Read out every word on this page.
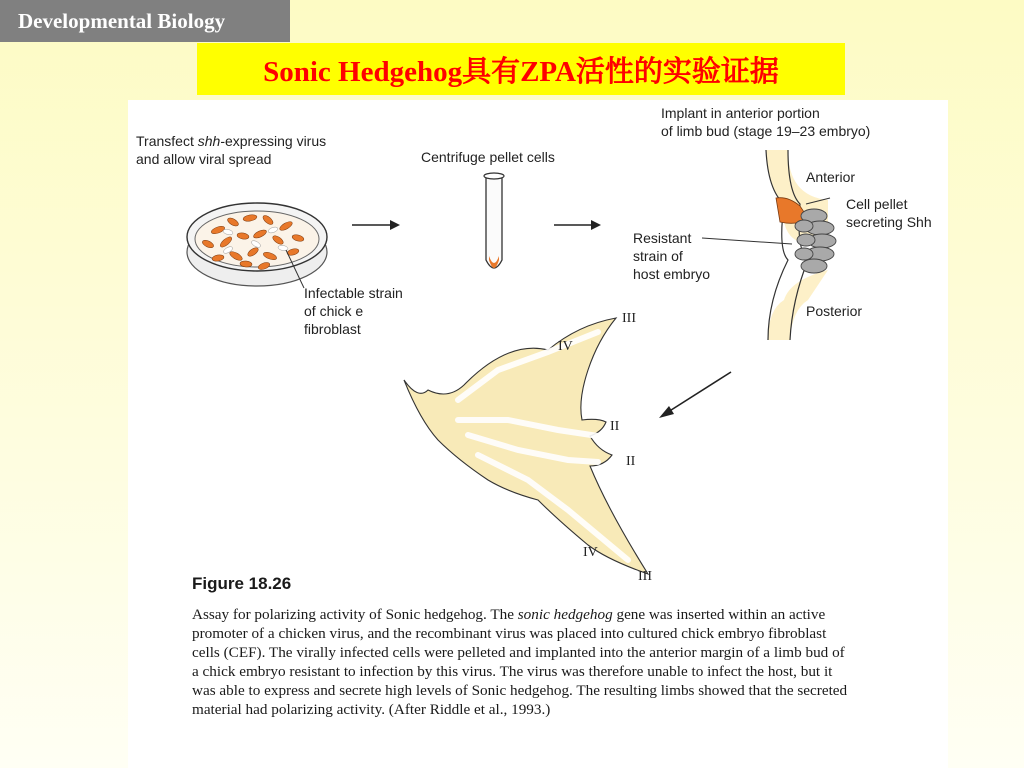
Developmental Biology
Sonic Hedgehog具有ZPA活性的实验证据
Transfect shh-expressing virus
and allow viral spread
Infectable strain
of chick e
fibroblast
Centrifuge pellet cells
Implant in anterior portion
of limb bud (stage 19–23 embryo)
Anterior
Cell pellet
secreting Shh
Resistant
strain of
host embryo
Posterior
III
IV
II
II
IV
III
Figure 18.26

Assay for polarizing activity of Sonic hedgehog. The sonic hedgehog gene was inserted within an active promoter of a chicken virus, and the recombinant virus was placed into cultured chick embryo fibroblast cells (CEF). The virally infected cells were pelleted and implanted into the anterior margin of a limb bud of a chick embryo resistant to infection by this virus. The virus was therefore unable to infect the host, but it was able to express and secrete high levels of Sonic hedgehog. The resulting limbs showed that the secreted material had polarizing activity. (After Riddle et al., 1993.)
